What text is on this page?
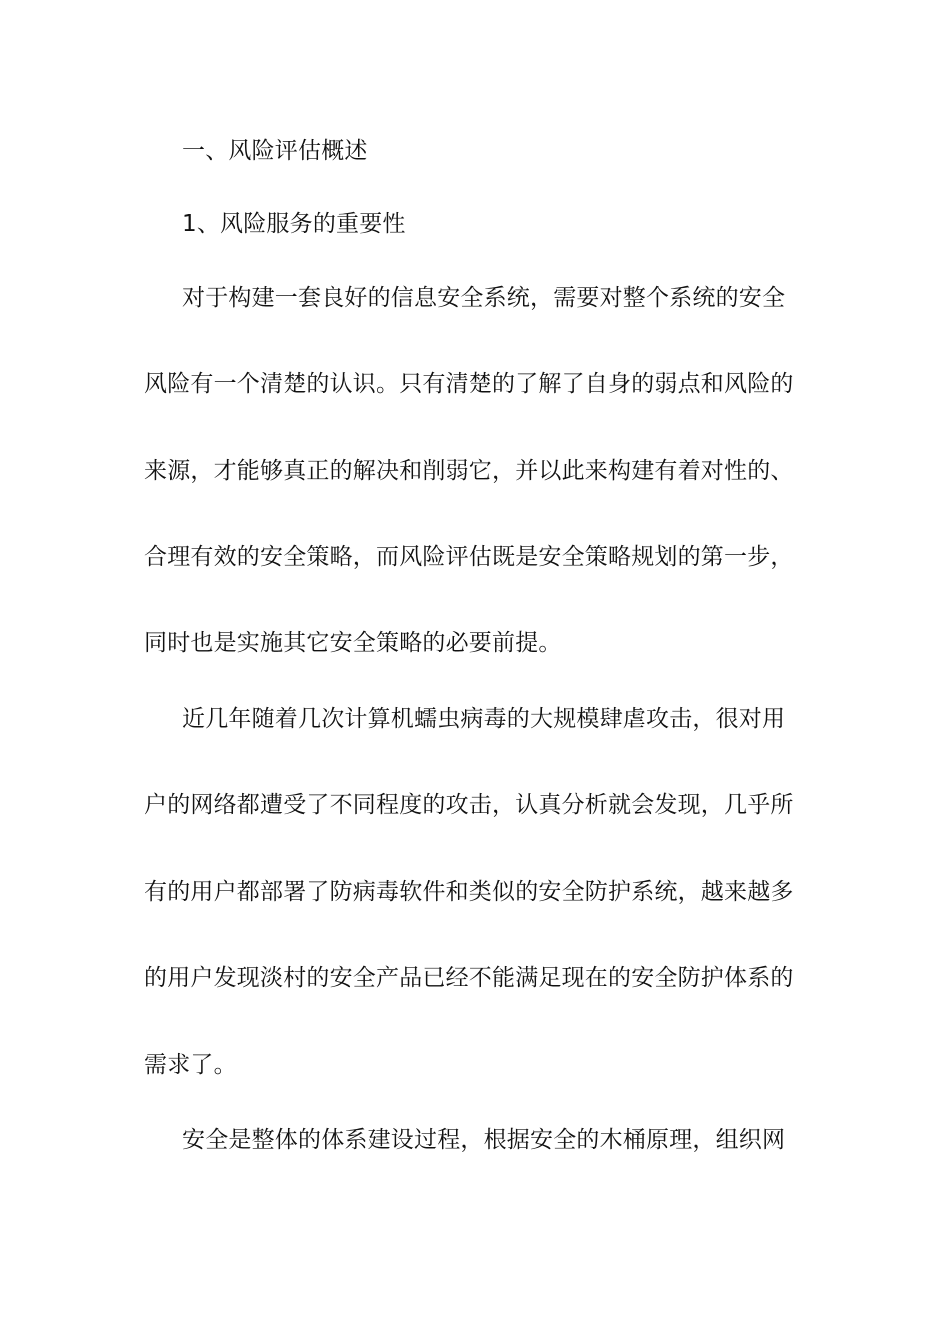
一、风险评估概述
1、风险服务的重要性
对于构建一套良好的信息安全系统，需要对整个系统的安全
风险有一个清楚的认识。只有清楚的了解了自身的弱点和风险的
来源，才能够真正的解决和削弱它，并以此来构建有着对性的、
合理有效的安全策略，而风险评估既是安全策略规划的第一步，
同时也是实施其它安全策略的必要前提。
近几年随着几次计算机蠕虫病毒的大规模肆虐攻击，很对用
户的网络都遭受了不同程度的攻击，认真分析就会发现，几乎所
有的用户都部署了防病毒软件和类似的安全防护系统，越来越多
的用户发现淡村的安全产品已经不能满足现在的安全防护体系的
需求了。
安全是整体的体系建设过程，根据安全的木桶原理，组织网
